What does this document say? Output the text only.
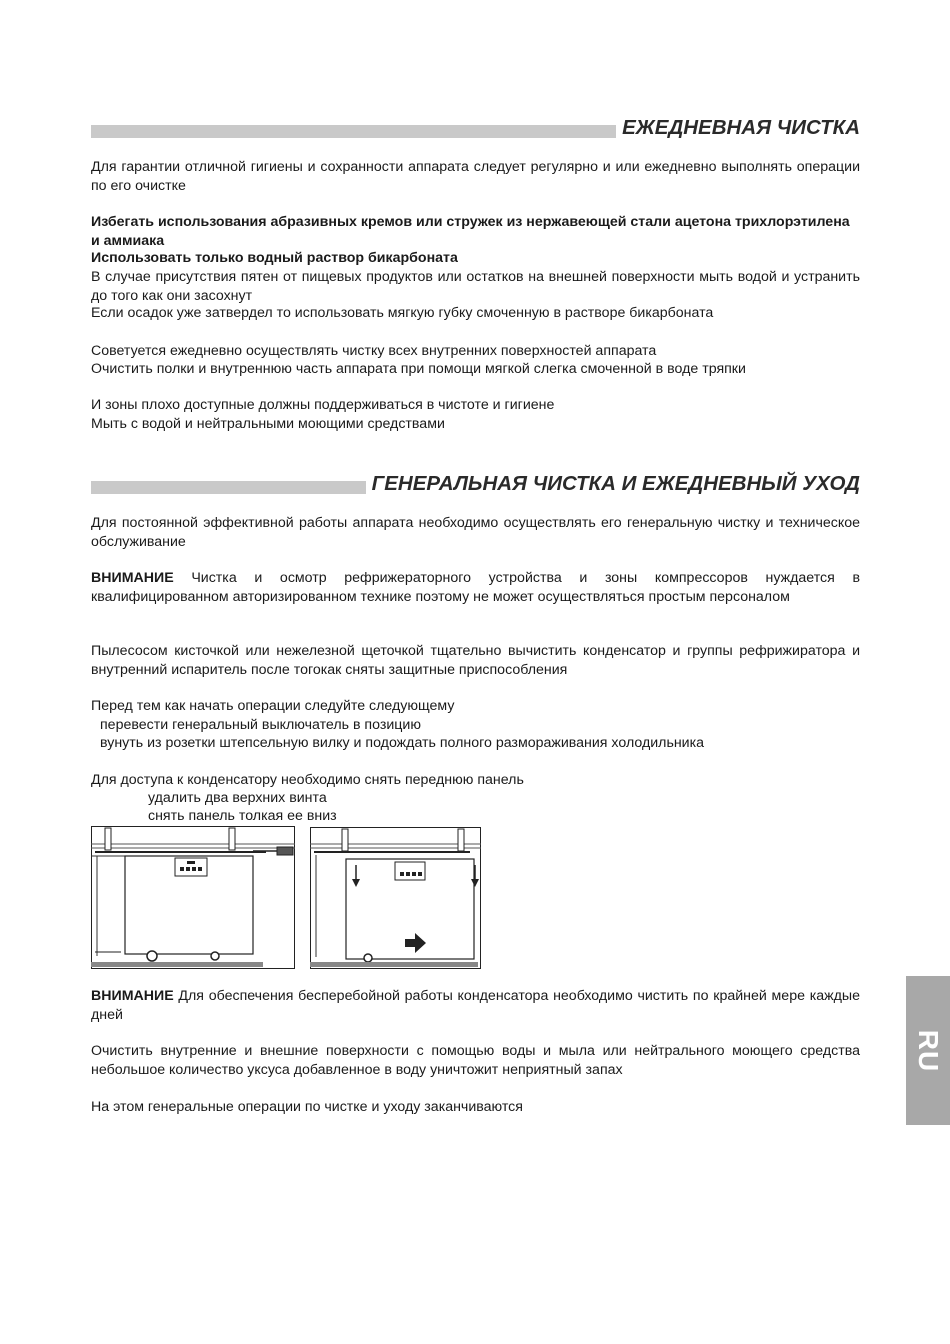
ЕЖЕДНЕВНАЯ ЧИСТКА

Для гарантии отличной гигиены и сохранности аппарата следует регулярно и или ежедневно выполнять операции по его очистке

Избегать использования абразивных кремов или стружек из нержавеющей стали ацетона трихлорэтилена и аммиака

Использовать только водный раствор бикарбоната

В случае присутствия пятен от пищевых продуктов или остатков на внешней поверхности мыть водой и устранить до того как они засохнут

Если осадок уже затвердел то использовать мягкую губку смоченную в растворе бикарбоната

Советуется ежедневно осуществлять чистку всех внутренних поверхностей аппарата

Очистить полки и внутреннюю часть аппарата при помощи мягкой слегка смоченной в воде тряпки

И зоны плохо доступные должны поддерживаться в чистоте и гигиене

Мыть с водой и нейтральными моющими средствами

ГЕНЕРАЛЬНАЯ ЧИСТКА И ЕЖЕДНЕВНЫЙ УХОД

Для постоянной эффективной работы аппарата необходимо осуществлять его генеральную чистку и техническое обслуживание

ВНИМАНИЕ Чистка и осмотр рефрижераторного устройства и зоны компрессоров нуждается в квалифицированном авторизированном технике поэтому не может осуществляться простым персоналом

Пылесосом кисточкой или нежелезной щеточкой тщательно вычистить конденсатор и группы рефрижиратора и внутренний испаритель после тогокак сняты защитные приспособления

Перед тем как начать операции следуйте следующему

перевести генеральный выключатель в позицию

вунуть из розетки штепсельную вилку и подождать полного размораживания холодильника

Для доступа к конденсатору необходимо снять переднюю панель

удалить два верхних винта

снять панель толкая ее вниз

ВНИМАНИЕ Для обеспечения бесперебойной работы конденсатора необходимо чистить по крайней мере каждые дней

Очистить внутренние и внешние поверхности с помощью воды и мыла или нейтрального моющего средства небольшое количество уксуса добавленное в воду уничтожит неприятный запах

На этом генеральные операции по чистке и уходу заканчиваются

RU
